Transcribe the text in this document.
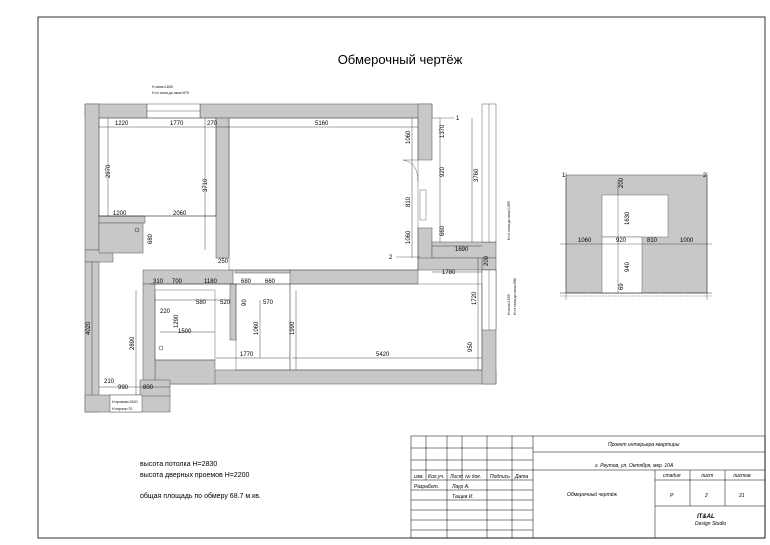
Обмерочный чертёж
1
2
H окна=1639
H от пола до окна=970
H от пола до окна=1399
H окна=1639 H от пола до окна=980
H проема=2100
H порога=70
1220	1770	270	5160
1060	1370
2970
3710
920	3760
810
1200	2060
680	1060	660
1690
250
310 700	1180	680 660
1780
200
580 520 90	570
220
1290
1500	1060	1990
1720
4020
2890
1770	5420
950
210
990 800
1	2
1060	920	810	1000
200
1630
940
69
Проект интерьера квартиры
г. Реутов, ул. Октября, мкр. 10А
изм. Кол.уч. Лист № док. Подпись Дата
Разработ.	Лаур А.
Тащев И.	Обмерочный чертёж
стадия	лист	листов
Р	2	21
IT&AL
Design Studio
высота потолка H=2830
высота дверных проемов H=2200
общая площадь по обмеру 68.7 м.кв.
